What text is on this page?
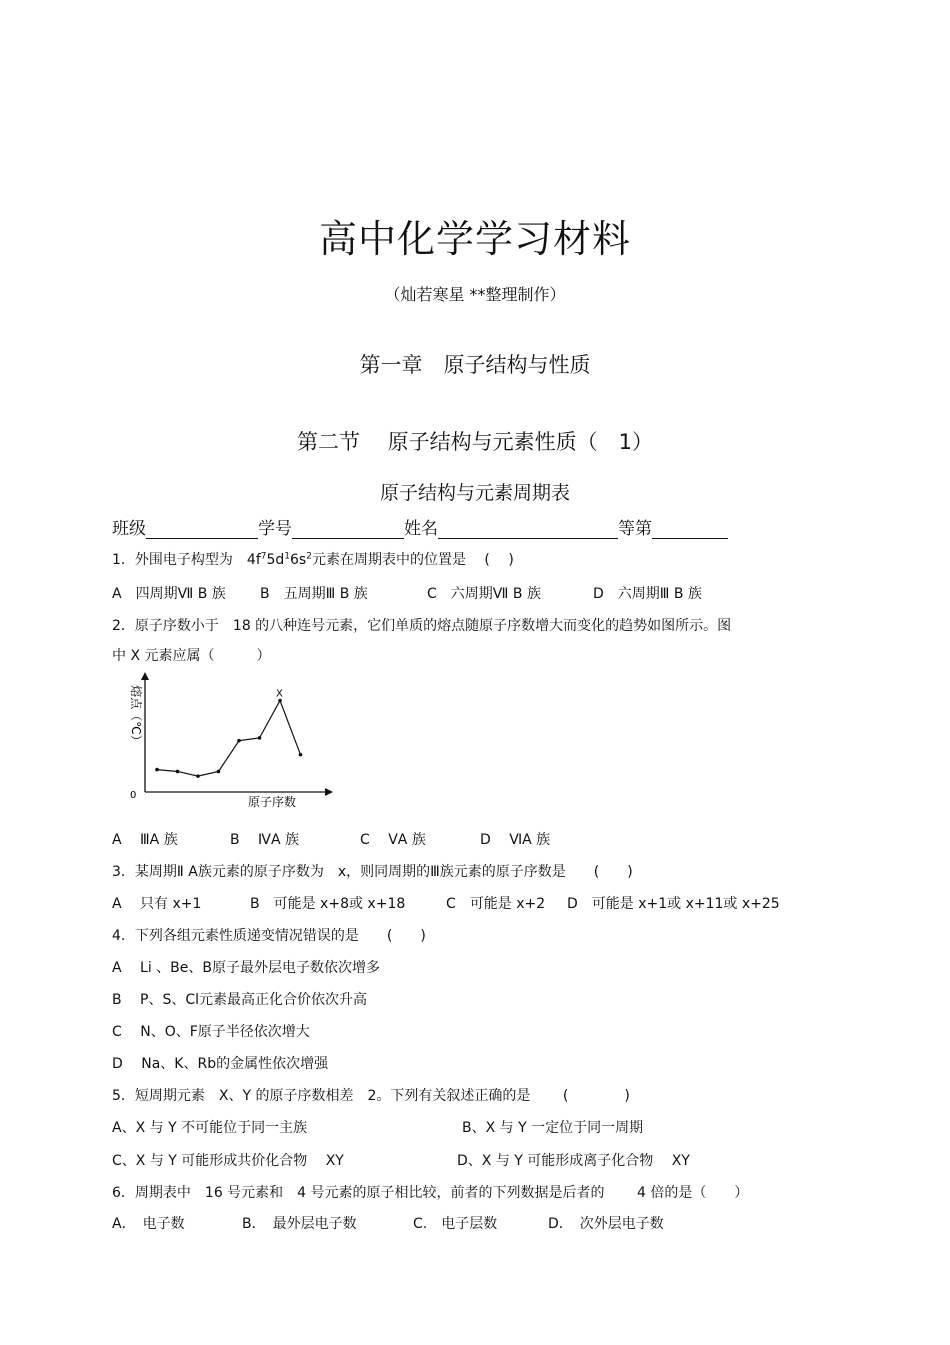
高中化学学习材料
（灿若寒星 **整理制作）
第一章　原子结构与性质
第二节　 原子结构与元素性质（　1）
原子结构与元素周期表
班级	学号	姓名	等第
1．外围电子构型为　$4f^75d^16s^2$元素在周期表中的位置是　 (　 )
A　四周期Ⅶ B 族 B　五周期Ⅲ B 族	C　六周期Ⅶ B 族	D　六周期Ⅲ B 族
2．原子序数小于　18 的八种连号元素，它们单质的熔点随原子序数增大而变化的趋势如图所示。图
中 X 元素应属（　　　）
熔点（℃）
原子序数
0
X
A　 ⅢA 族	B　 ⅣA 族	C　 ⅤA 族	D　 ⅥA 族
3．某周期Ⅱ A族元素的原子序数为　x，则同周期的Ⅲ族元素的原子序数是　　(　　)
A　 只有 x+1	B　可能是 x+8或 x+18	C　可能是 x+2 D　可能是 x+1或 x+11或 x+25
4．下列各组元素性质递变情况错误的是　　(　　)
A　 Li 、Be、B原子最外层电子数依次增多
B　 P、S、Cl元素最高正化合价依次升高
C　 N、O、F原子半径依次增大
D　 Na、K、Rb的金属性依次增强
5．短周期元素　X、Y 的原子序数相差　2。下列有关叙述正确的是　　 (　　　　)
A、X 与 Y 不可能位于同一主族	B、X 与 Y 一定位于同一周期
C、X 与 Y 可能形成共价化合物　 XY	D、X 与 Y 可能形成离子化合物　 XY
6．周期表中　16 号元素和　4 号元素的原子相比较，前者的下列数据是后者的　　 4 倍的是（　　）
A．　电子数	B．　最外层电子数	C.　电子层数	D．　次外层电子数
